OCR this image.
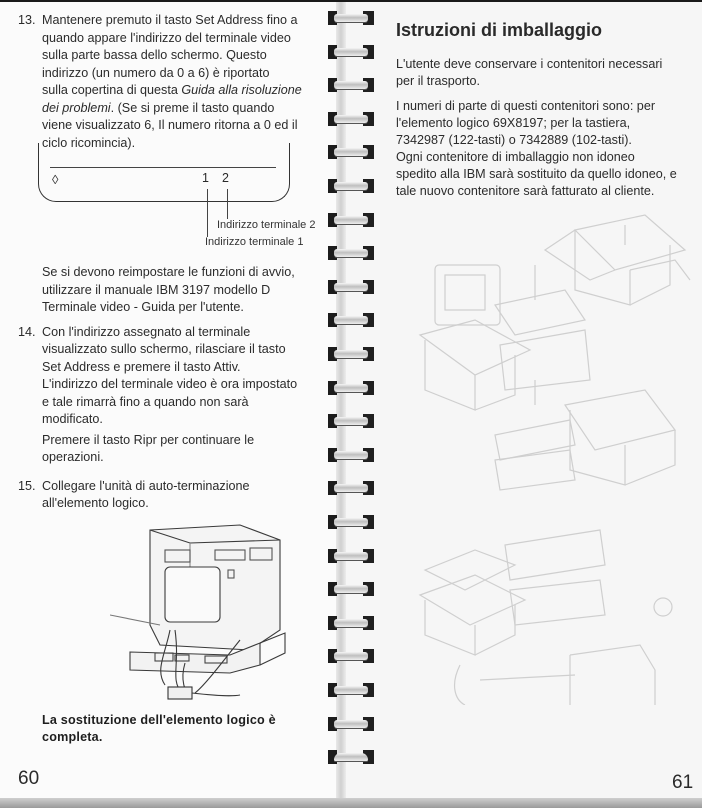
13. Mantenere premuto il tasto Set Address fino a
quando appare l'indirizzo del terminale video
sulla parte bassa dello schermo. Questo
indirizzo (un numero da 0 a 6) è riportato
sulla copertina di questa Guida alla risoluzione
dei problemi. (Se si preme il tasto quando
viene visualizzato 6, Il numero ritorna a 0 ed il
ciclo ricomincia).
◊	1 2
Indirizzo terminale 2
Indirizzo terminale 1
Se si devono reimpostare le funzioni di avvio,
utilizzare il manuale IBM 3197 modello D
Terminale video - Guida per l'utente.
14. Con l'indirizzo assegnato al terminale
visualizzato sullo schermo, rilasciare il tasto
Set Address e premere il tasto Attiv.
L'indirizzo del terminale video è ora impostato
e tale rimarrà fino a quando non sarà
modificato.
Premere il tasto Ripr per continuare le
operazioni.
15. Collegare l'unità di auto-terminazione
all'elemento logico.
La sostituzione dell'elemento logico è
completa.
60
Istruzioni di imballaggio
L'utente deve conservare i contenitori necessari
per il trasporto.
I numeri di parte di questi contenitori sono: per
l'elemento logico 69X8197; per la tastiera,
7342987 (122-tasti) o 7342889 (102-tasti).
Ogni contenitore di imballaggio non idoneo
spedito alla IBM sarà sostituito da quello idoneo, e
tale nuovo contenitore sarà fatturato al cliente.
61
